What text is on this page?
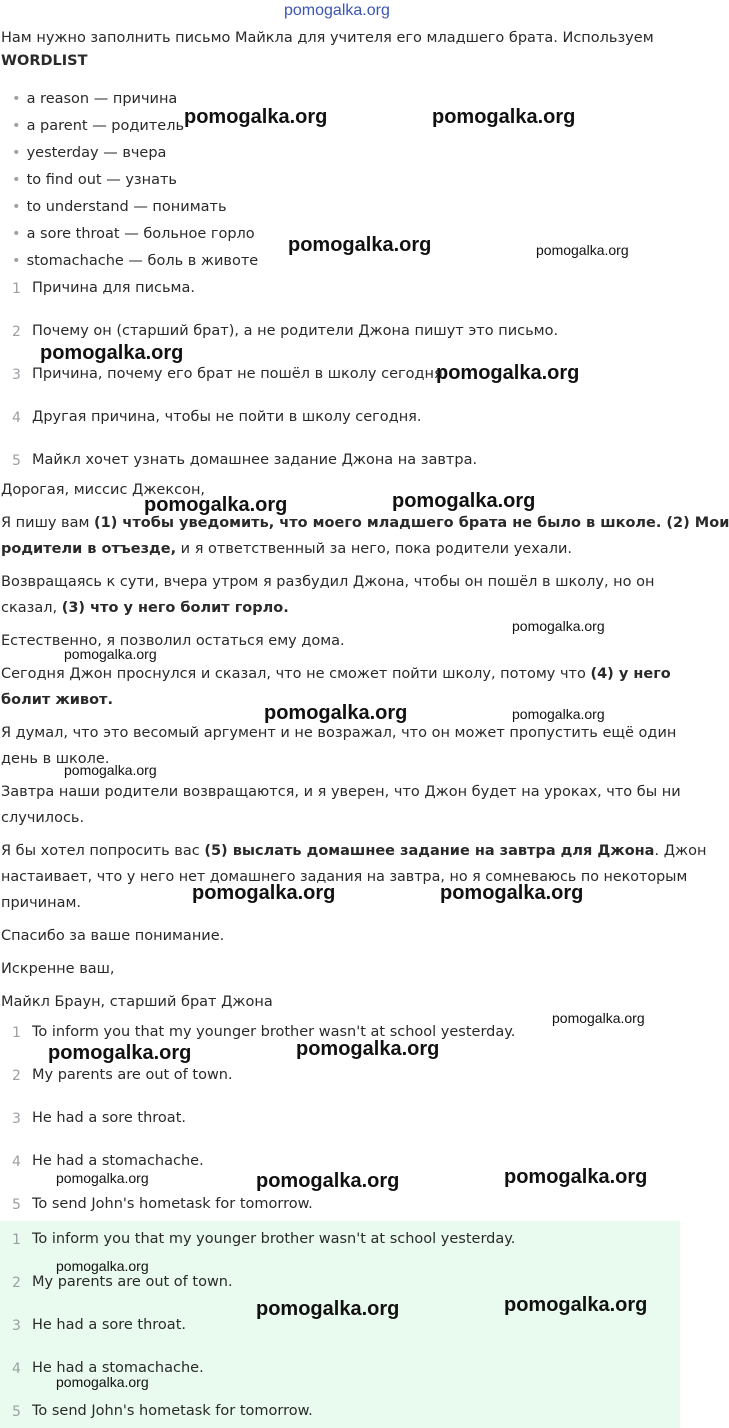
pomogalka.org
Нам нужно заполнить письмо Майкла для учителя его младшего брата. Используем
WORDLIST
• a reason — причина
• a parent — родитель
• yesterday — вчера
• to find out — узнать
• to understand — понимать
• a sore throat — больное горло
• stomachache — боль в животе
1 Причина для письма.
2 Почему он (старший брат), а не родители Джона пишут это письмо.
3 Причина, почему его брат не пошёл в школу сегодня.
4 Другая причина, чтобы не пойти в школу сегодня.
5 Майкл хочет узнать домашнее задание Джона на завтра.
Дорогая, миссис Джексон,
Я пишу вам (1) чтобы уведомить, что моего младшего брата не было в школе. (2) Мои
родители в отъезде, и я ответственный за него, пока родители уехали.
Возвращаясь к сути, вчера утром я разбудил Джона, чтобы он пошёл в школу, но он
сказал, (3) что у него болит горло.
Естественно, я позволил остаться ему дома.
Сегодня Джон проснулся и сказал, что не сможет пойти школу, потому что (4) у него
болит живот.
Я думал, что это весомый аргумент и не возражал, что он может пропустить ещё один
день в школе.
Завтра наши родители возвращаются, и я уверен, что Джон будет на уроках, что бы ни
случилось.
Я бы хотел попросить вас (5) выслать домашнее задание на завтра для Джона. Джон
настаивает, что у него нет домашнего задания на завтра, но я сомневаюсь по некоторым
причинам.
Спасибо за ваше понимание.
Искренне ваш,
Майкл Браун, старший брат Джона
1 To inform you that my younger brother wasn't at school yesterday.
2 My parents are out of town.
3 He had a sore throat.
4 He had a stomachache.
5 To send John's hometask for tomorrow.
1 To inform you that my younger brother wasn't at school yesterday.
2 My parents are out of town.
3 He had a sore throat.
4 He had a stomachache.
5 To send John's hometask for tomorrow.
pomogalka.org	pomogalka.org
pomogalka.org	pomogalka.org
pomogalka.org
pomogalka.org
pomogalka.org	pomogalka.org
pomogalka.org
pomogalka.org
pomogalka.org	pomogalka.org
pomogalka.org
pomogalka.org	pomogalka.org
pomogalka.org
pomogalka.org	pomogalka.org
pomogalka.org	pomogalka.org	pomogalka.org
pomogalka.org
pomogalka.org	pomogalka.org
pomogalka.org
